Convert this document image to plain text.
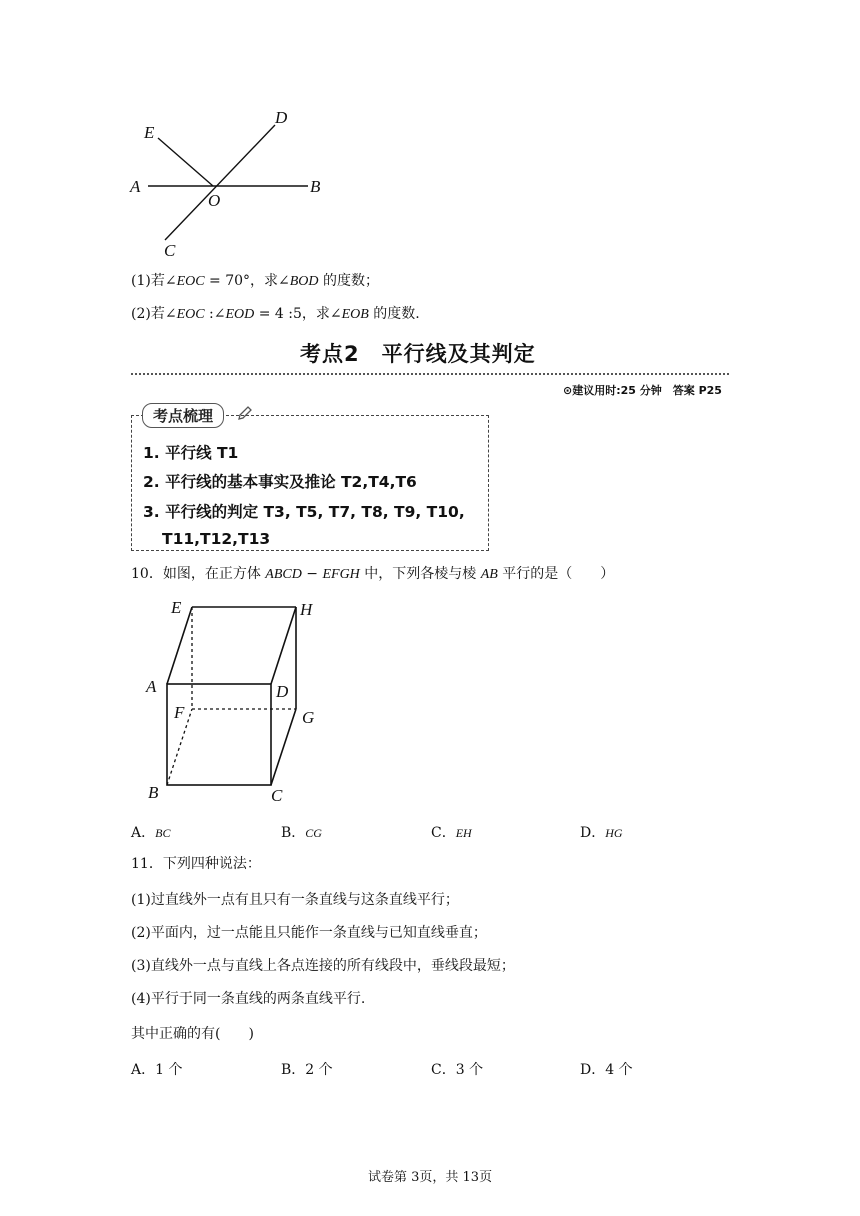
E
D
A
O
B
C
(1)若∠EOC = 70°，求∠BOD 的度数；
(2)若∠EOC :∠EOD = 4 :5，求∠EOB 的度数.
考点2　平行线及其判定
⊙建议用时:25 分钟　答案 P25
考点梳理
1. 平行线 T1
2. 平行线的基本事实及推论 T2,T4,T6
3. 平行线的判定 T3, T5, T7, T8, T9, T10,
T11,T12,T13
10．如图，在正方体 ABCD − EFGH 中，下列各棱与棱 AB 平行的是（　　）
E	H
A	D
F	G
B	C
A．BC	B．CG	C．EH	D．HG
11．下列四种说法：
(1)过直线外一点有且只有一条直线与这条直线平行；
(2)平面内，过一点能且只能作一条直线与已知直线垂直；
(3)直线外一点与直线上各点连接的所有线段中，垂线段最短；
(4)平行于同一条直线的两条直线平行.
其中正确的有(　　)
A．1 个	B．2 个	C．3 个	D．4 个
试卷第 3页，共 13页
